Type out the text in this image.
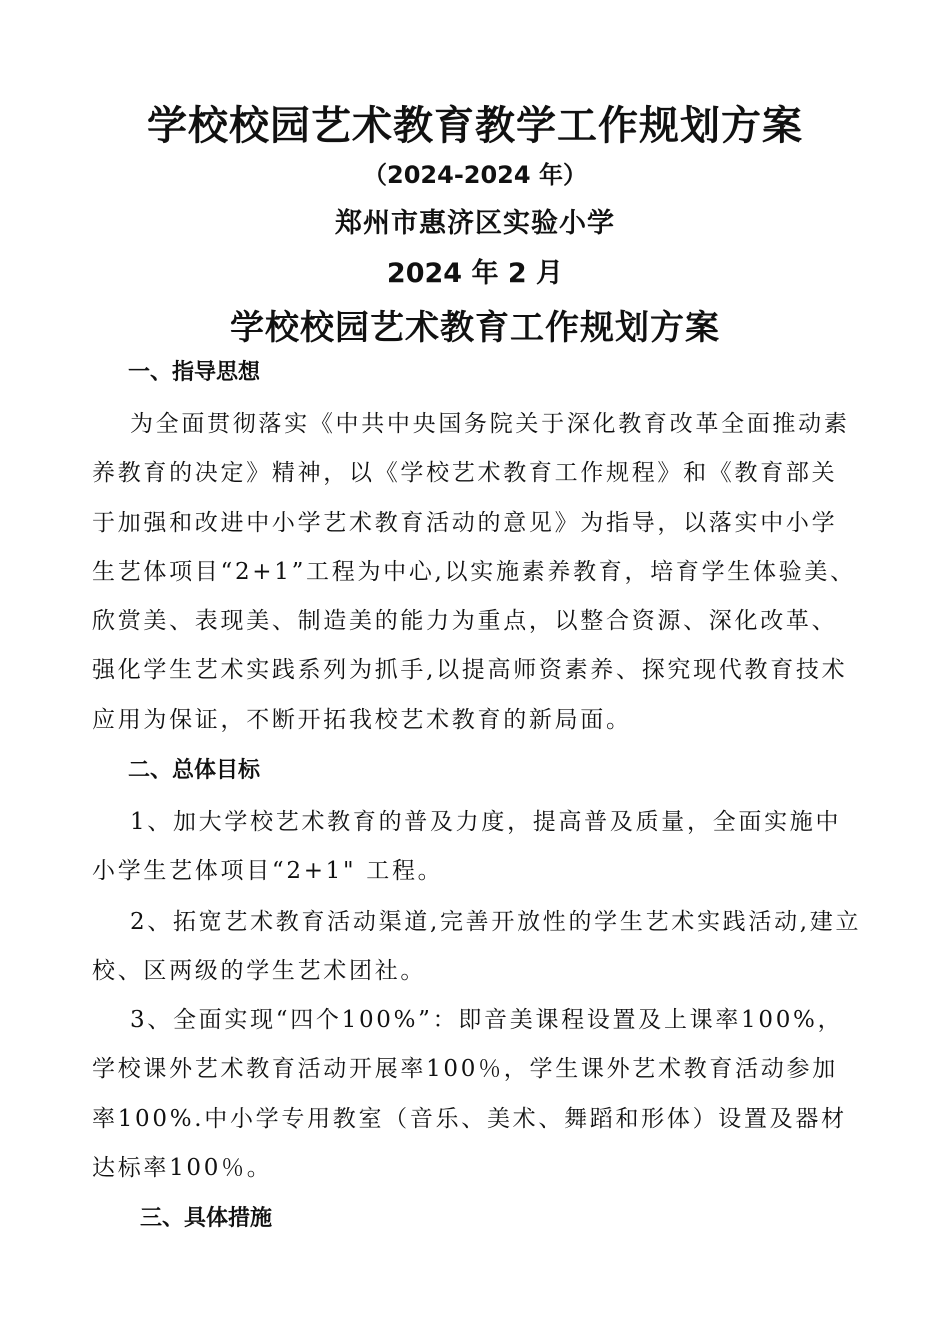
学校校园艺术教育教学工作规划方案
（2024-2024 年）
郑州市惠济区实验小学
2024 年 2 月
学校校园艺术教育工作规划方案
一、指导思想
为全面贯彻落实《中共中央国务院关于深化教育改革全面推动素养教育的决定》精神，以《学校艺术教育工作规程》和《教育部关于加强和改进中小学艺术教育活动的意见》为指导，以落实中小学生艺体项目“2+1”工程为中心,以实施素养教育，培育学生体验美、欣赏美、表现美、制造美的能力为重点，以整合资源、深化改革、强化学生艺术实践系列为抓手,以提高师资素养、探究现代教育技术应用为保证，不断开拓我校艺术教育的新局面。
二、总体目标
1、加大学校艺术教育的普及力度，提高普及质量，全面实施中小学生艺体项目“2+1" 工程。
2、拓宽艺术教育活动渠道,完善开放性的学生艺术实践活动,建立校、区两级的学生艺术团社。
3、全面实现“四个100%”：即音美课程设置及上课率100%，学校课外艺术教育活动开展率100％，学生课外艺术教育活动参加率100%.中小学专用教室（音乐、美术、舞蹈和形体）设置及器材达标率100％。
三、具体措施
